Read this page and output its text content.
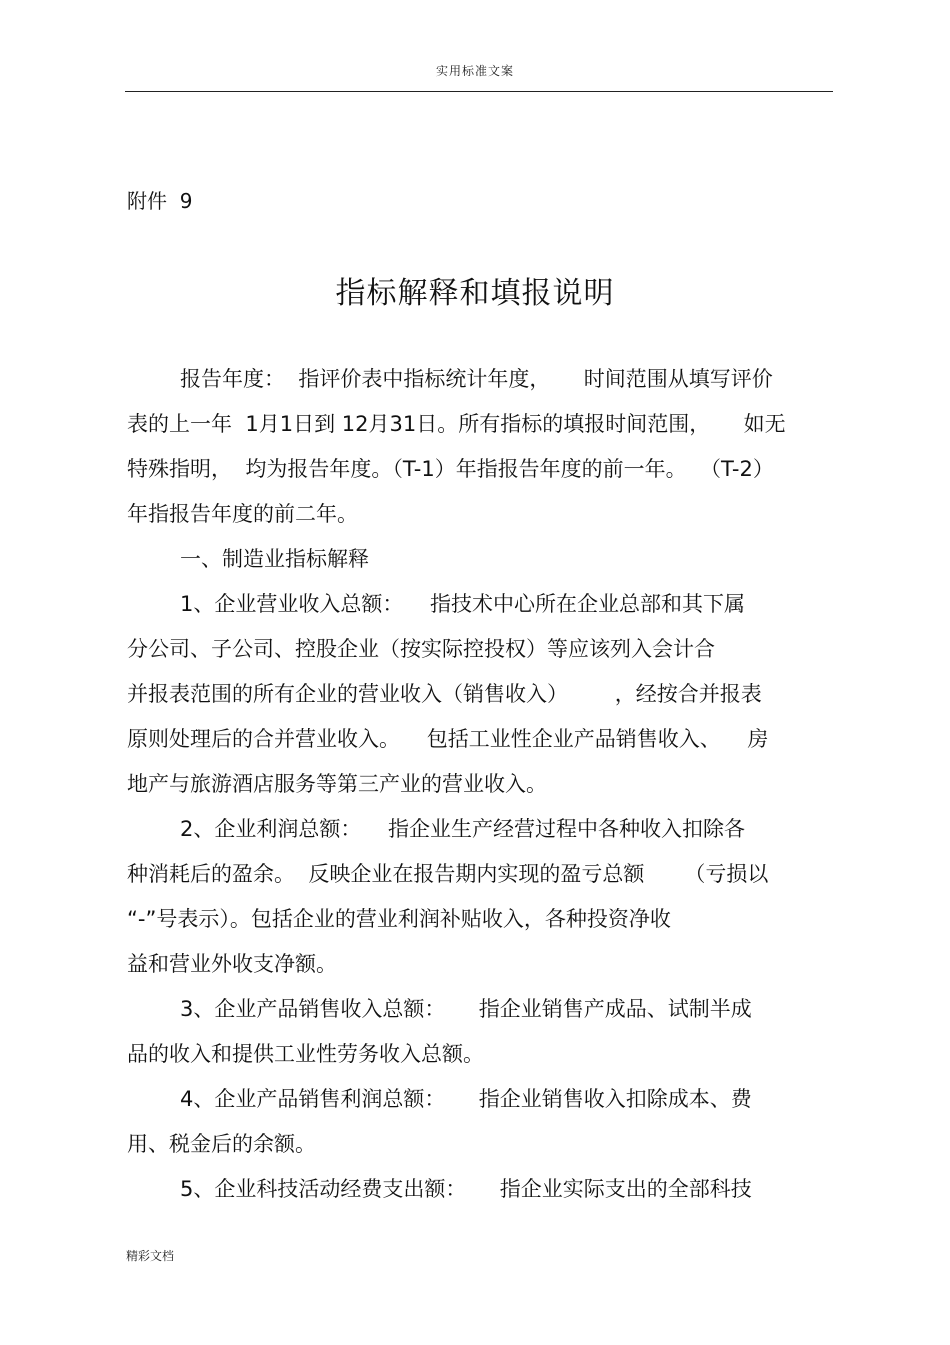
实用标准文案
附件  9
指标解释和填报说明
报告年度：  指评价表中指标统计年度，     时间范围从填写评价
表的上一年  1月1日到 12月31日。所有指标的填报时间范围，     如无
特殊指明，  均为报告年度。（T-1）年指报告年度的前一年。  （T-2）
年指报告年度的前二年。
一、制造业指标解释
1、企业营业收入总额：    指技术中心所在企业总部和其下属
分公司、子公司、控股企业（按实际控投权）等应该列入会计合
并报表范围的所有企业的营业收入（销售收入）       ，经按合并报表
原则处理后的合并营业收入。    包括工业性企业产品销售收入、    房
地产与旅游酒店服务等第三产业的营业收入。
2、企业利润总额：    指企业生产经营过程中各种收入扣除各
种消耗后的盈余。  反映企业在报告期内实现的盈亏总额      （亏损以
“-”号表示）。包括企业的营业利润补贴收入，各种投资净收
益和营业外收支净额。
3、企业产品销售收入总额：     指企业销售产成品、试制半成
品的收入和提供工业性劳务收入总额。
4、企业产品销售利润总额：     指企业销售收入扣除成本、费
用、税金后的余额。
5、企业科技活动经费支出额：     指企业实际支出的全部科技
精彩文档
